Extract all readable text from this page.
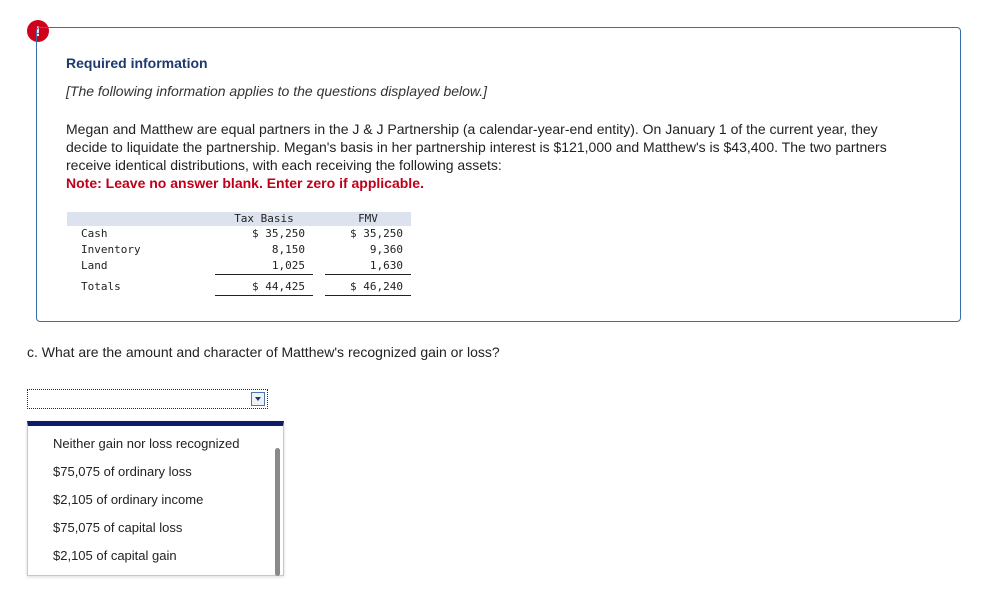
!
Required information
[The following information applies to the questions displayed below.]
Megan and Matthew are equal partners in the J & J Partnership (a calendar-year-end entity). On January 1 of the current year, they decide to liquidate the partnership. Megan's basis in her partnership interest is $121,000 and Matthew's is $43,400. The two partners receive identical distributions, with each receiving the following assets:
Note: Leave no answer blank. Enter zero if applicable.
		Tax Basis		FMV
Cash		$ 35,250		$ 35,250
Inventory		8,150		9,360
Land		1,025		1,630
Totals		$ 44,425		$ 46,240
c. What are the amount and character of Matthew's recognized gain or loss?
Neither gain nor loss recognized
$75,075 of ordinary loss
$2,105 of ordinary income
$75,075 of capital loss
$2,105 of capital gain
